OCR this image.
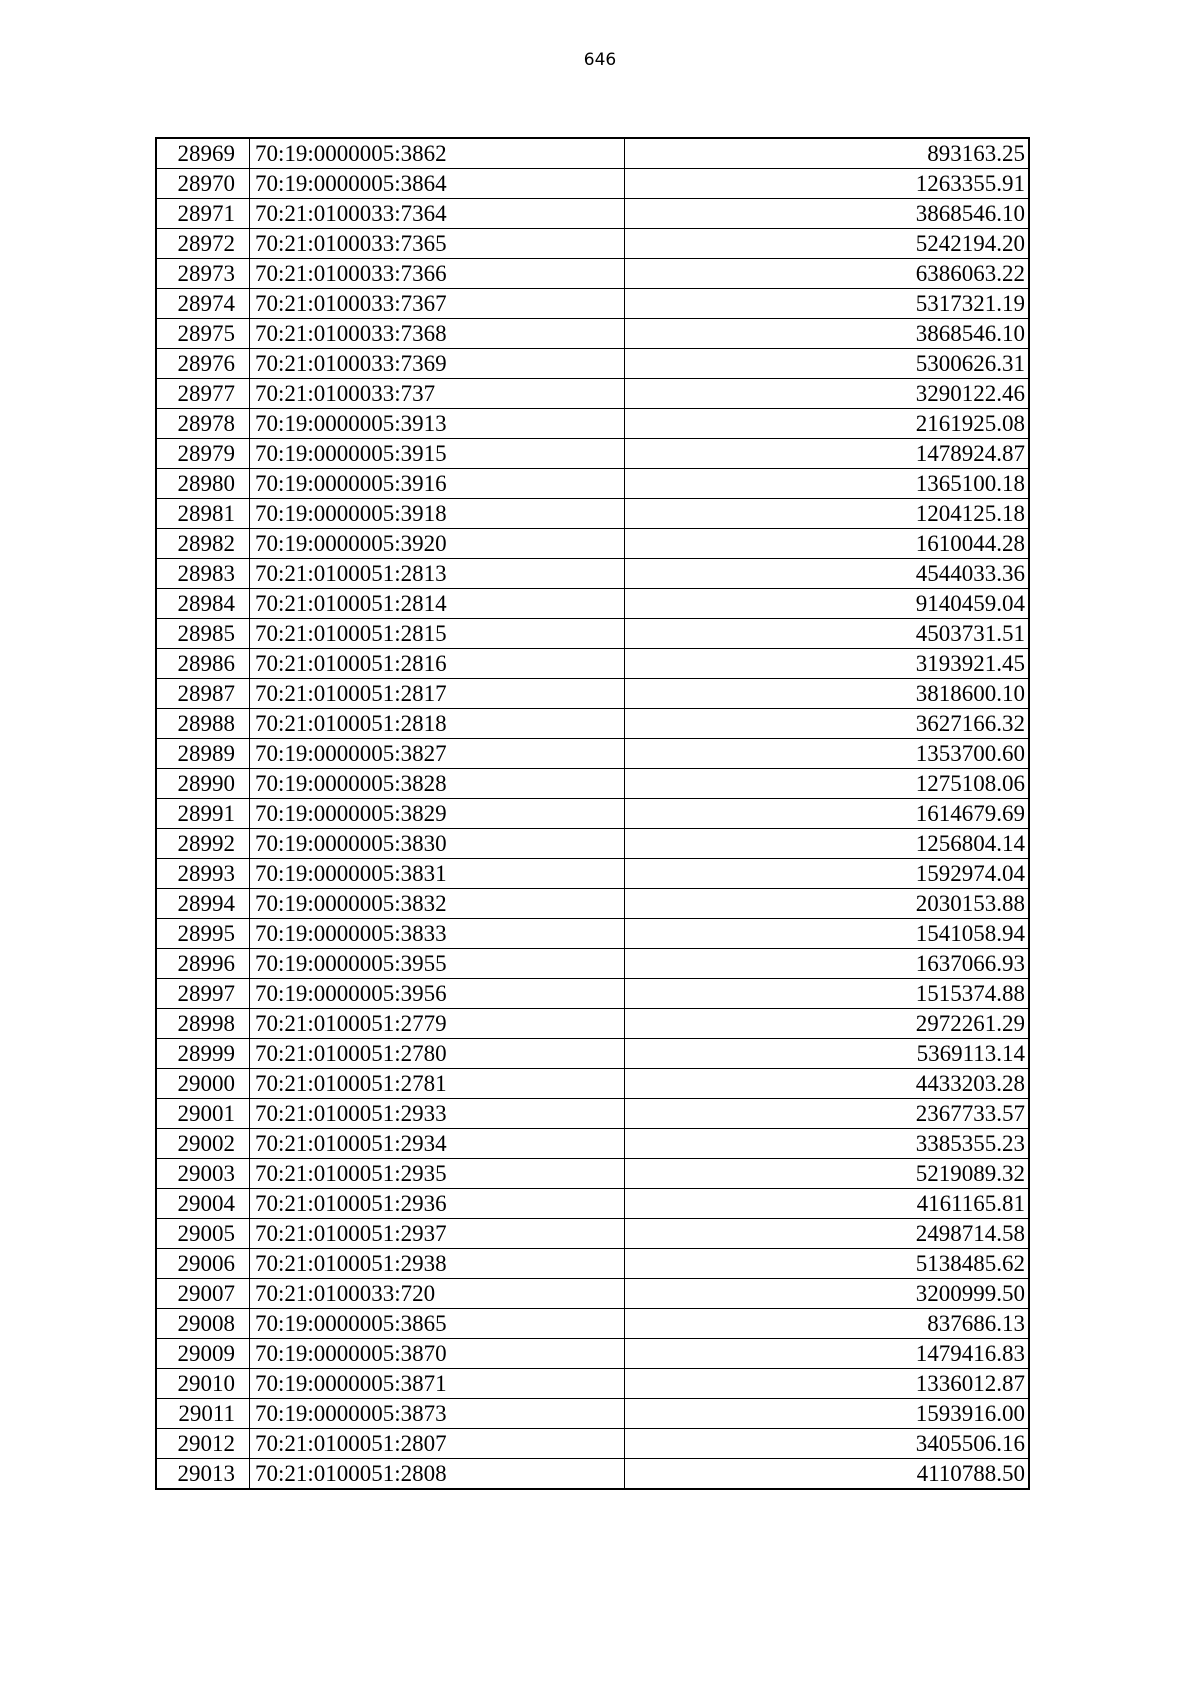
646
28969	70:19:0000005:3862	893163.25
28970	70:19:0000005:3864	1263355.91
28971	70:21:0100033:7364	3868546.10
28972	70:21:0100033:7365	5242194.20
28973	70:21:0100033:7366	6386063.22
28974	70:21:0100033:7367	5317321.19
28975	70:21:0100033:7368	3868546.10
28976	70:21:0100033:7369	5300626.31
28977	70:21:0100033:737	3290122.46
28978	70:19:0000005:3913	2161925.08
28979	70:19:0000005:3915	1478924.87
28980	70:19:0000005:3916	1365100.18
28981	70:19:0000005:3918	1204125.18
28982	70:19:0000005:3920	1610044.28
28983	70:21:0100051:2813	4544033.36
28984	70:21:0100051:2814	9140459.04
28985	70:21:0100051:2815	4503731.51
28986	70:21:0100051:2816	3193921.45
28987	70:21:0100051:2817	3818600.10
28988	70:21:0100051:2818	3627166.32
28989	70:19:0000005:3827	1353700.60
28990	70:19:0000005:3828	1275108.06
28991	70:19:0000005:3829	1614679.69
28992	70:19:0000005:3830	1256804.14
28993	70:19:0000005:3831	1592974.04
28994	70:19:0000005:3832	2030153.88
28995	70:19:0000005:3833	1541058.94
28996	70:19:0000005:3955	1637066.93
28997	70:19:0000005:3956	1515374.88
28998	70:21:0100051:2779	2972261.29
28999	70:21:0100051:2780	5369113.14
29000	70:21:0100051:2781	4433203.28
29001	70:21:0100051:2933	2367733.57
29002	70:21:0100051:2934	3385355.23
29003	70:21:0100051:2935	5219089.32
29004	70:21:0100051:2936	4161165.81
29005	70:21:0100051:2937	2498714.58
29006	70:21:0100051:2938	5138485.62
29007	70:21:0100033:720	3200999.50
29008	70:19:0000005:3865	837686.13
29009	70:19:0000005:3870	1479416.83
29010	70:19:0000005:3871	1336012.87
29011	70:19:0000005:3873	1593916.00
29012	70:21:0100051:2807	3405506.16
29013	70:21:0100051:2808	4110788.50
